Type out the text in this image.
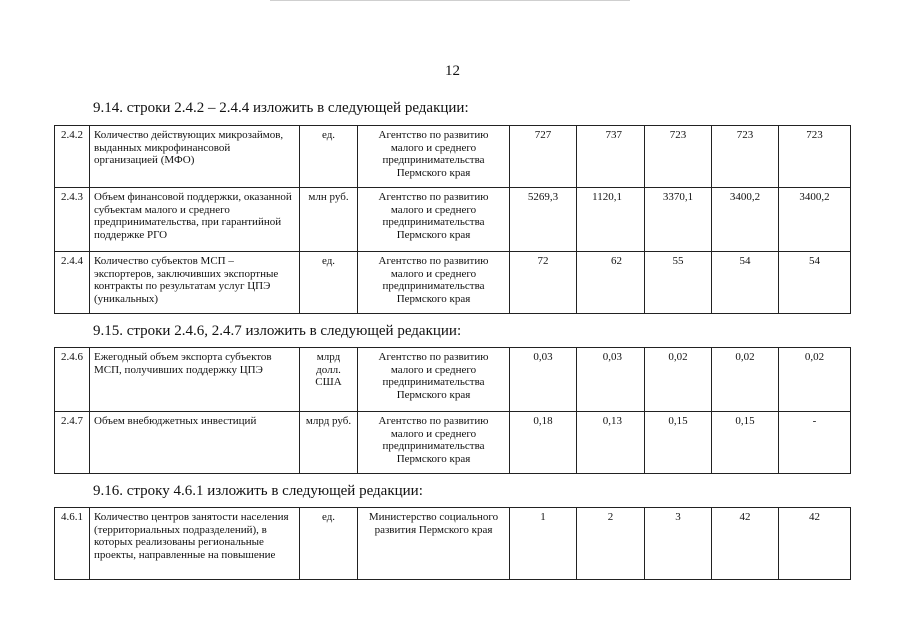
12
9.14. строки 2.4.2 – 2.4.4 изложить в следующей редакции:
2.4.2	Количество действующих микрозаймов, выданных микрофинансовой организацией (МФО)	ед.	Агентство по развитию малого и среднего предпринимательства Пермского края	727	737	723	723	723
2.4.3	Объем финансовой поддержки, оказанной субъектам малого и среднего предпринимательства, при гарантийной поддержке РГО	млн руб.	Агентство по развитию малого и среднего предпринимательства Пермского края	5269,3	1120,1	3370,1	3400,2	3400,2
2.4.4	Количество субъектов МСП – экспортеров, заключивших экспортные контракты по результатам услуг ЦПЭ (уникальных)	ед.	Агентство по развитию малого и среднего предпринимательства Пермского края	72	62	55	54	54
9.15. строки 2.4.6, 2.4.7 изложить в следующей редакции:
2.4.6	Ежегодный объем экспорта субъектов МСП, получивших поддержку ЦПЭ	млрд долл. США	Агентство по развитию малого и среднего предпринимательства Пермского края	0,03	0,03	0,02	0,02	0,02
2.4.7	Объем внебюджетных инвестиций	млрд руб.	Агентство по развитию малого и среднего предпринимательства Пермского края	0,18	0,13	0,15	0,15	-
9.16. строку 4.6.1 изложить в следующей редакции:
4.6.1	Количество центров занятости населения (территориальных подразделений), в которых реализованы региональные проекты, направленные на повышение	ед.	Министерство социального развития Пермского края	1	2	3	42	42
